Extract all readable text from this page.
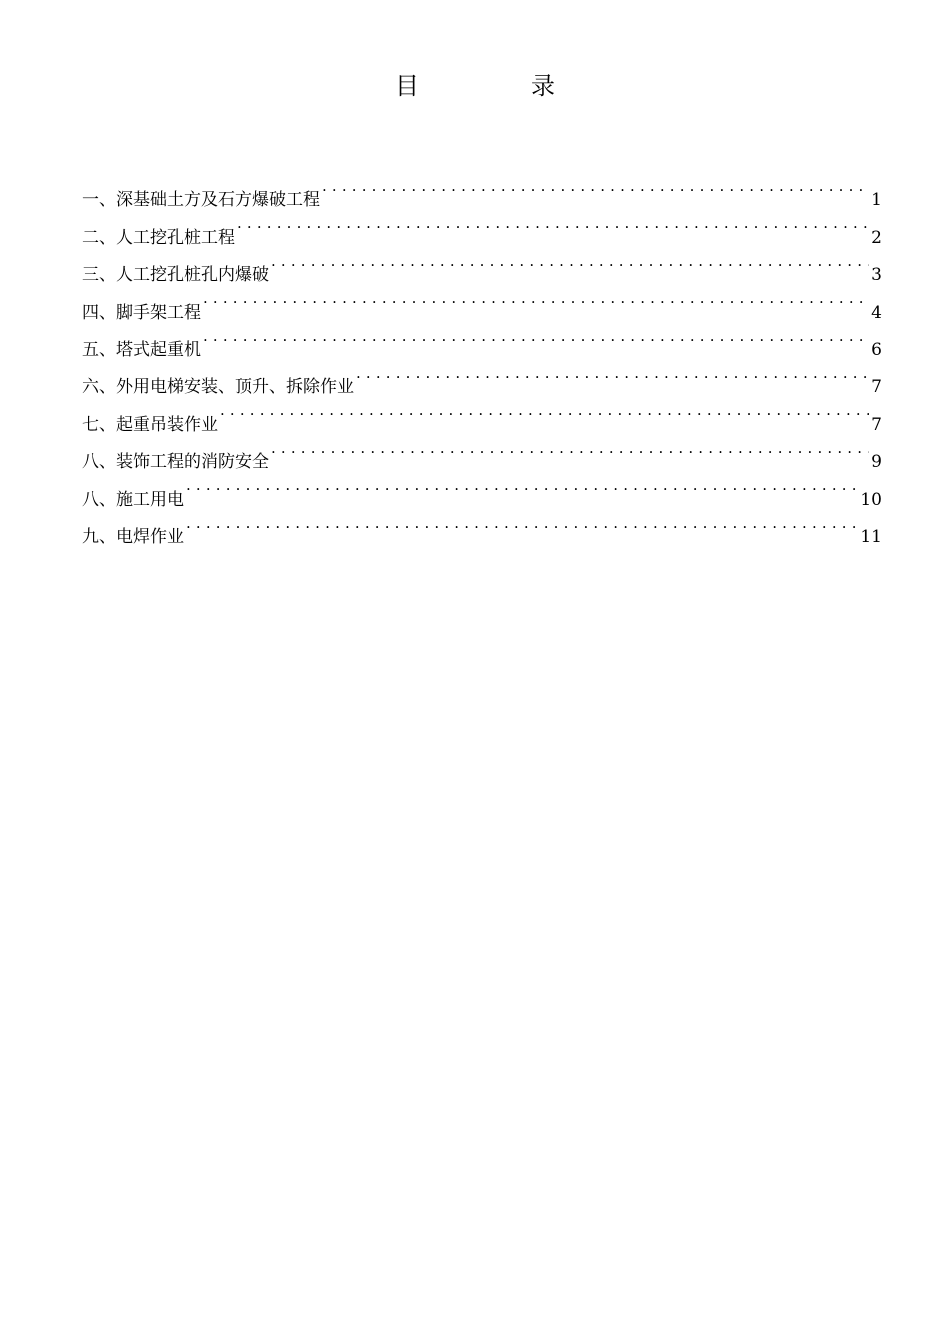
目	录
一、深基础土方及石方爆破工程 . . .	1
二、人工挖孔桩工程 . . .	2
三、人工挖孔桩孔内爆破 . . .	3
四、脚手架工程 . . .	4
五、塔式起重机 . . .	6
六、外用电梯安装、顶升、拆除作业 . . .	7
七、起重吊装作业 . . .	7
八、装饰工程的消防安全 . . .	9
八、施工用电 . . .	10
九、电焊作业 . . .	11
